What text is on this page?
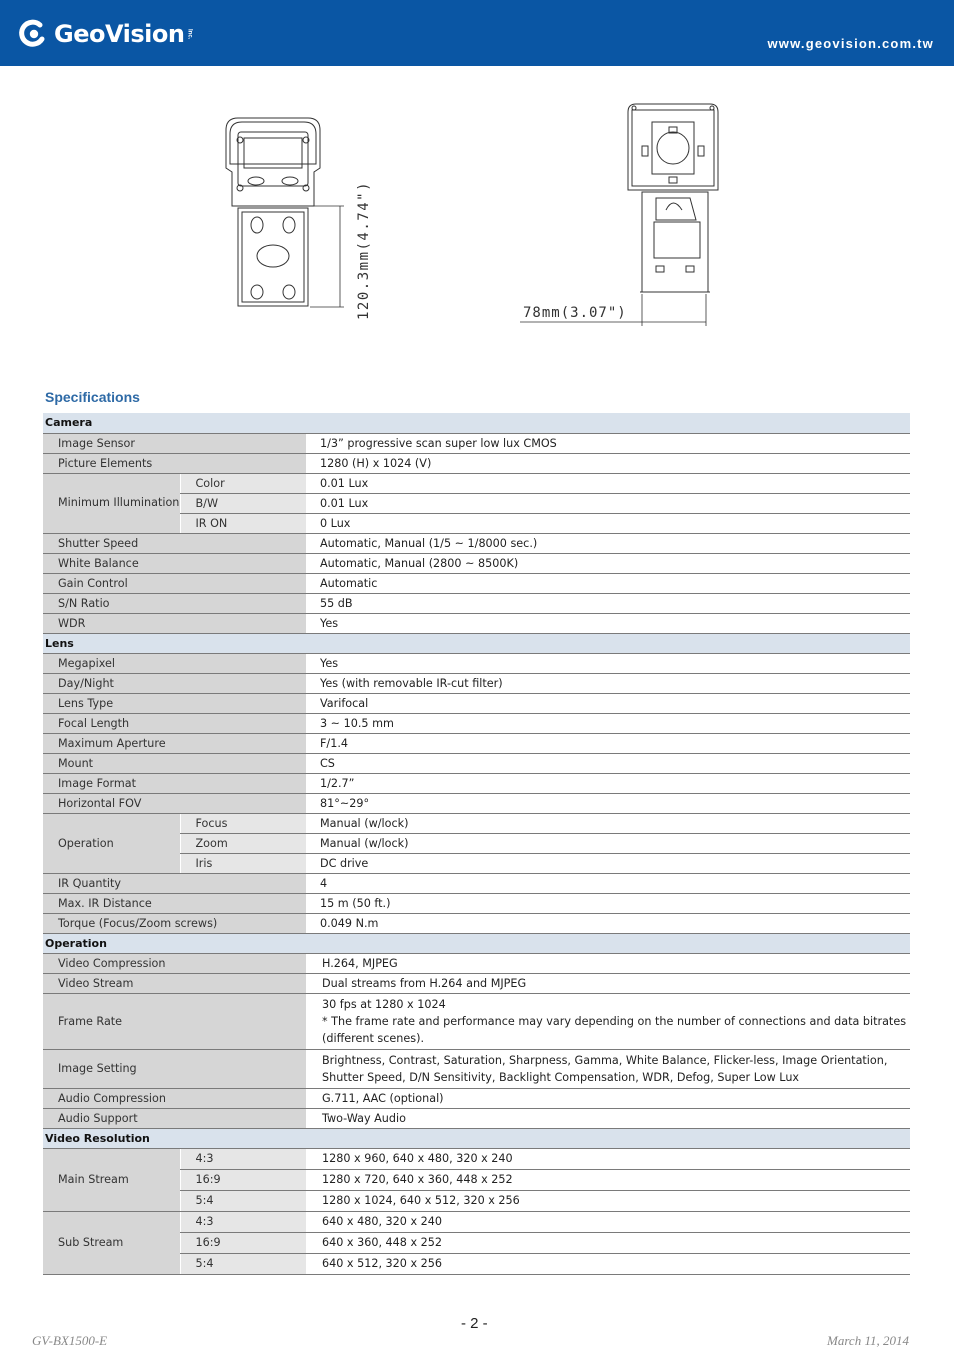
GeoVision Inc.
www.geovision.com.tw
120.3mm(4.74")	78mm(3.07")
Specifications
Camera		
Image Sensor		1/3” progressive scan super low lux CMOS
Picture Elements		1280 (H) x 1024 (V)
Minimum Illumination	Color	0.01 Lux
	B/W	0.01 Lux
	IR ON	0 Lux
Shutter Speed		Automatic, Manual (1/5 ~ 1/8000 sec.)
White Balance		Automatic, Manual (2800 ~ 8500K)
Gain Control		Automatic
S/N Ratio		55 dB
WDR		Yes
Lens		
Megapixel		Yes
Day/Night		Yes (with removable IR-cut filter)
Lens Type		Varifocal
Focal Length		3 ~ 10.5 mm
Maximum Aperture		F/1.4
Mount		CS
Image Format		1/2.7”
Horizontal FOV		81°~29°
Operation	Focus	Manual (w/lock)
	Zoom	Manual (w/lock)
	Iris	DC drive
IR Quantity		4
Max. IR Distance		15 m (50 ft.)
Torque (Focus/Zoom screws)		0.049 N.m
Operation		
Video Compression		H.264, MJPEG
Video Stream		Dual streams from H.264 and MJPEG
Frame Rate		30 fps at 1280 x 1024
* The frame rate and performance may vary depending on the number of connections and data bitrates (different scenes).

Image Setting		Brightness, Contrast, Saturation, Sharpness, Gamma, White Balance, Flicker-less, Image Orientation, Shutter Speed, D/N Sensitivity, Backlight Compensation, WDR, Defog, Super Low Lux
Audio Compression		G.711, AAC (optional)
Audio Support		Two-Way Audio
Video Resolution		
Main Stream	4:3	1280 x 960, 640 x 480, 320 x 240
	16:9	1280 x 720, 640 x 360, 448 x 252
	5:4	1280 x 1024, 640 x 512, 320 x 256
Sub Stream	4:3	640 x 480, 320 x 240
	16:9	640 x 360, 448 x 252
	5:4	640 x 512, 320 x 256
- 2 -
GV-BX1500-E	March 11, 2014
